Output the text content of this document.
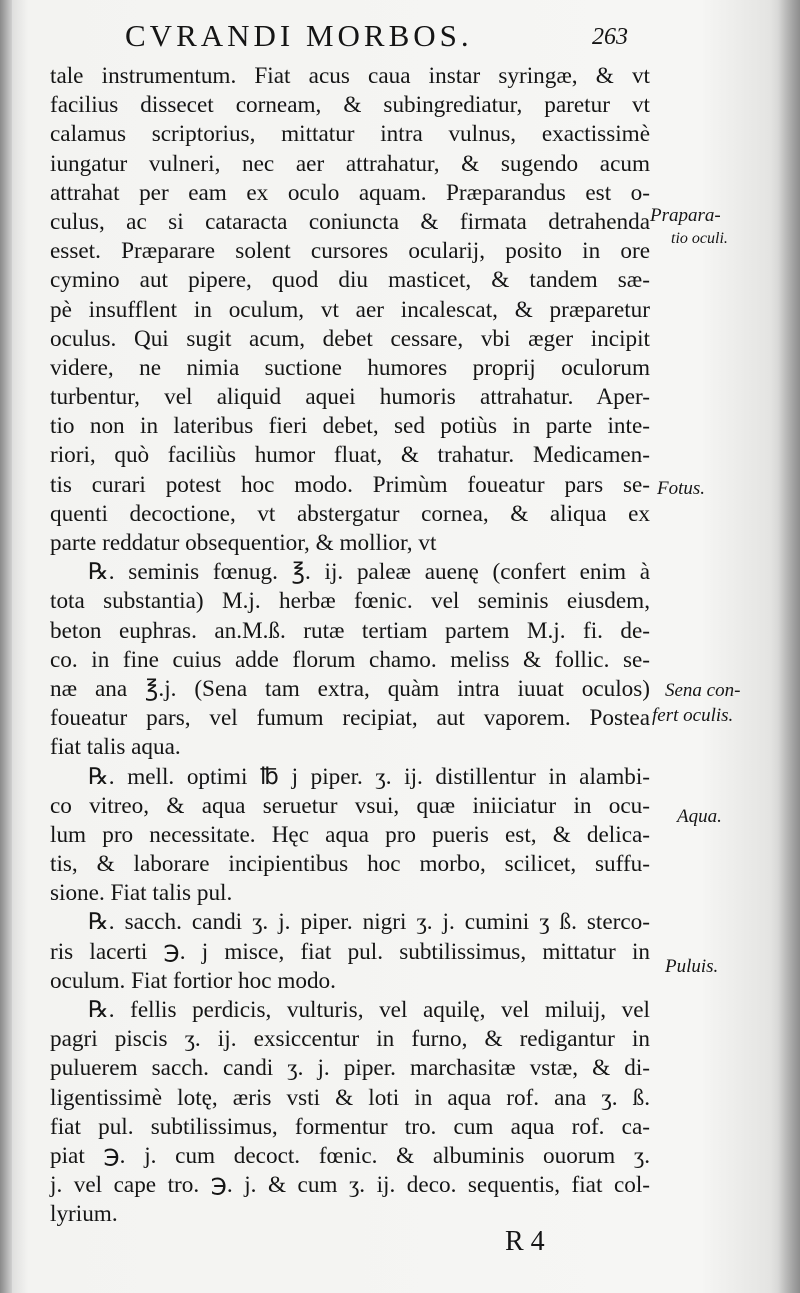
CVRANDI MORBOS.	263
tale instrumentum. Fiat acus caua instar syringæ, & vt
facilius dissecet corneam, & subingrediatur, paretur vt
calamus scriptorius, mittatur intra vulnus, exactissimè
iungatur vulneri, nec aer attrahatur, & sugendo acum
attrahat per eam ex oculo aquam. Præparandus est o-
culus, ac si cataracta coniuncta & firmata detrahenda
esset. Præparare solent cursores ocularij, posito in ore
cymino aut pipere, quod diu masticet, & tandem sæ-
pè insufflent in oculum, vt aer incalescat, & præparetur
oculus. Qui sugit acum, debet cessare, vbi æger incipit
videre, ne nimia suctione humores proprij oculorum
turbentur, vel aliquid aquei humoris attrahatur. Aper-
tio non in lateribus fieri debet, sed potiùs in parte inte-
riori, quò faciliùs humor fluat, & trahatur. Medicamen-
tis curari potest hoc modo. Primùm foueatur pars se-
quenti decoctione, vt abstergatur cornea, & aliqua ex
parte reddatur obsequentior, & mollior, vt
℞. seminis fœnug. ℥. ij. paleæ auenę (confert enim à
tota substantia) M.j. herbæ fœnic. vel seminis eiusdem,
beton euphras. an.M.ß. rutæ tertiam partem M.j. fi. de-
co. in fine cuius adde florum chamo. meliss & follic. se-
næ ana ℥.j. (Sena tam extra, quàm intra iuuat oculos)
foueatur pars, vel fumum recipiat, aut vaporem. Postea
fiat talis aqua.
℞. mell. optimi ℔ j piper. ʒ. ij. distillentur in alambi-
co vitreo, & aqua seruetur vsui, quæ iniiciatur in ocu-
lum pro necessitate. Hęc aqua pro pueris est, & delica-
tis, & laborare incipientibus hoc morbo, scilicet, suffu-
sione. Fiat talis pul.
℞. sacch. candi ʒ. j. piper. nigri ʒ. j. cumini ʒ ß. sterco-
ris lacerti ℈. j misce, fiat pul. subtilissimus, mittatur in
oculum. Fiat fortior hoc modo.
℞. fellis perdicis, vulturis, vel aquilę, vel miluij, vel
pagri piscis ʒ. ij. exsiccentur in furno, & redigantur in
puluerem sacch. candi ʒ. j. piper. marchasitæ vstæ, & di-
ligentissimè lotę, æris vsti & loti in aqua rof. ana ʒ. ß.
fiat pul. subtilissimus, formentur tro. cum aqua rof. ca-
piat ℈. j. cum decoct. fœnic. & albuminis ouorum ʒ.
j. vel cape tro. ℈. j. & cum ʒ. ij. deco. sequentis, fiat col-
lyrium.
Prapara-
tio oculi.
Fotus.
Sena con-
fert oculis.
Aqua.
Puluis.
R 4
